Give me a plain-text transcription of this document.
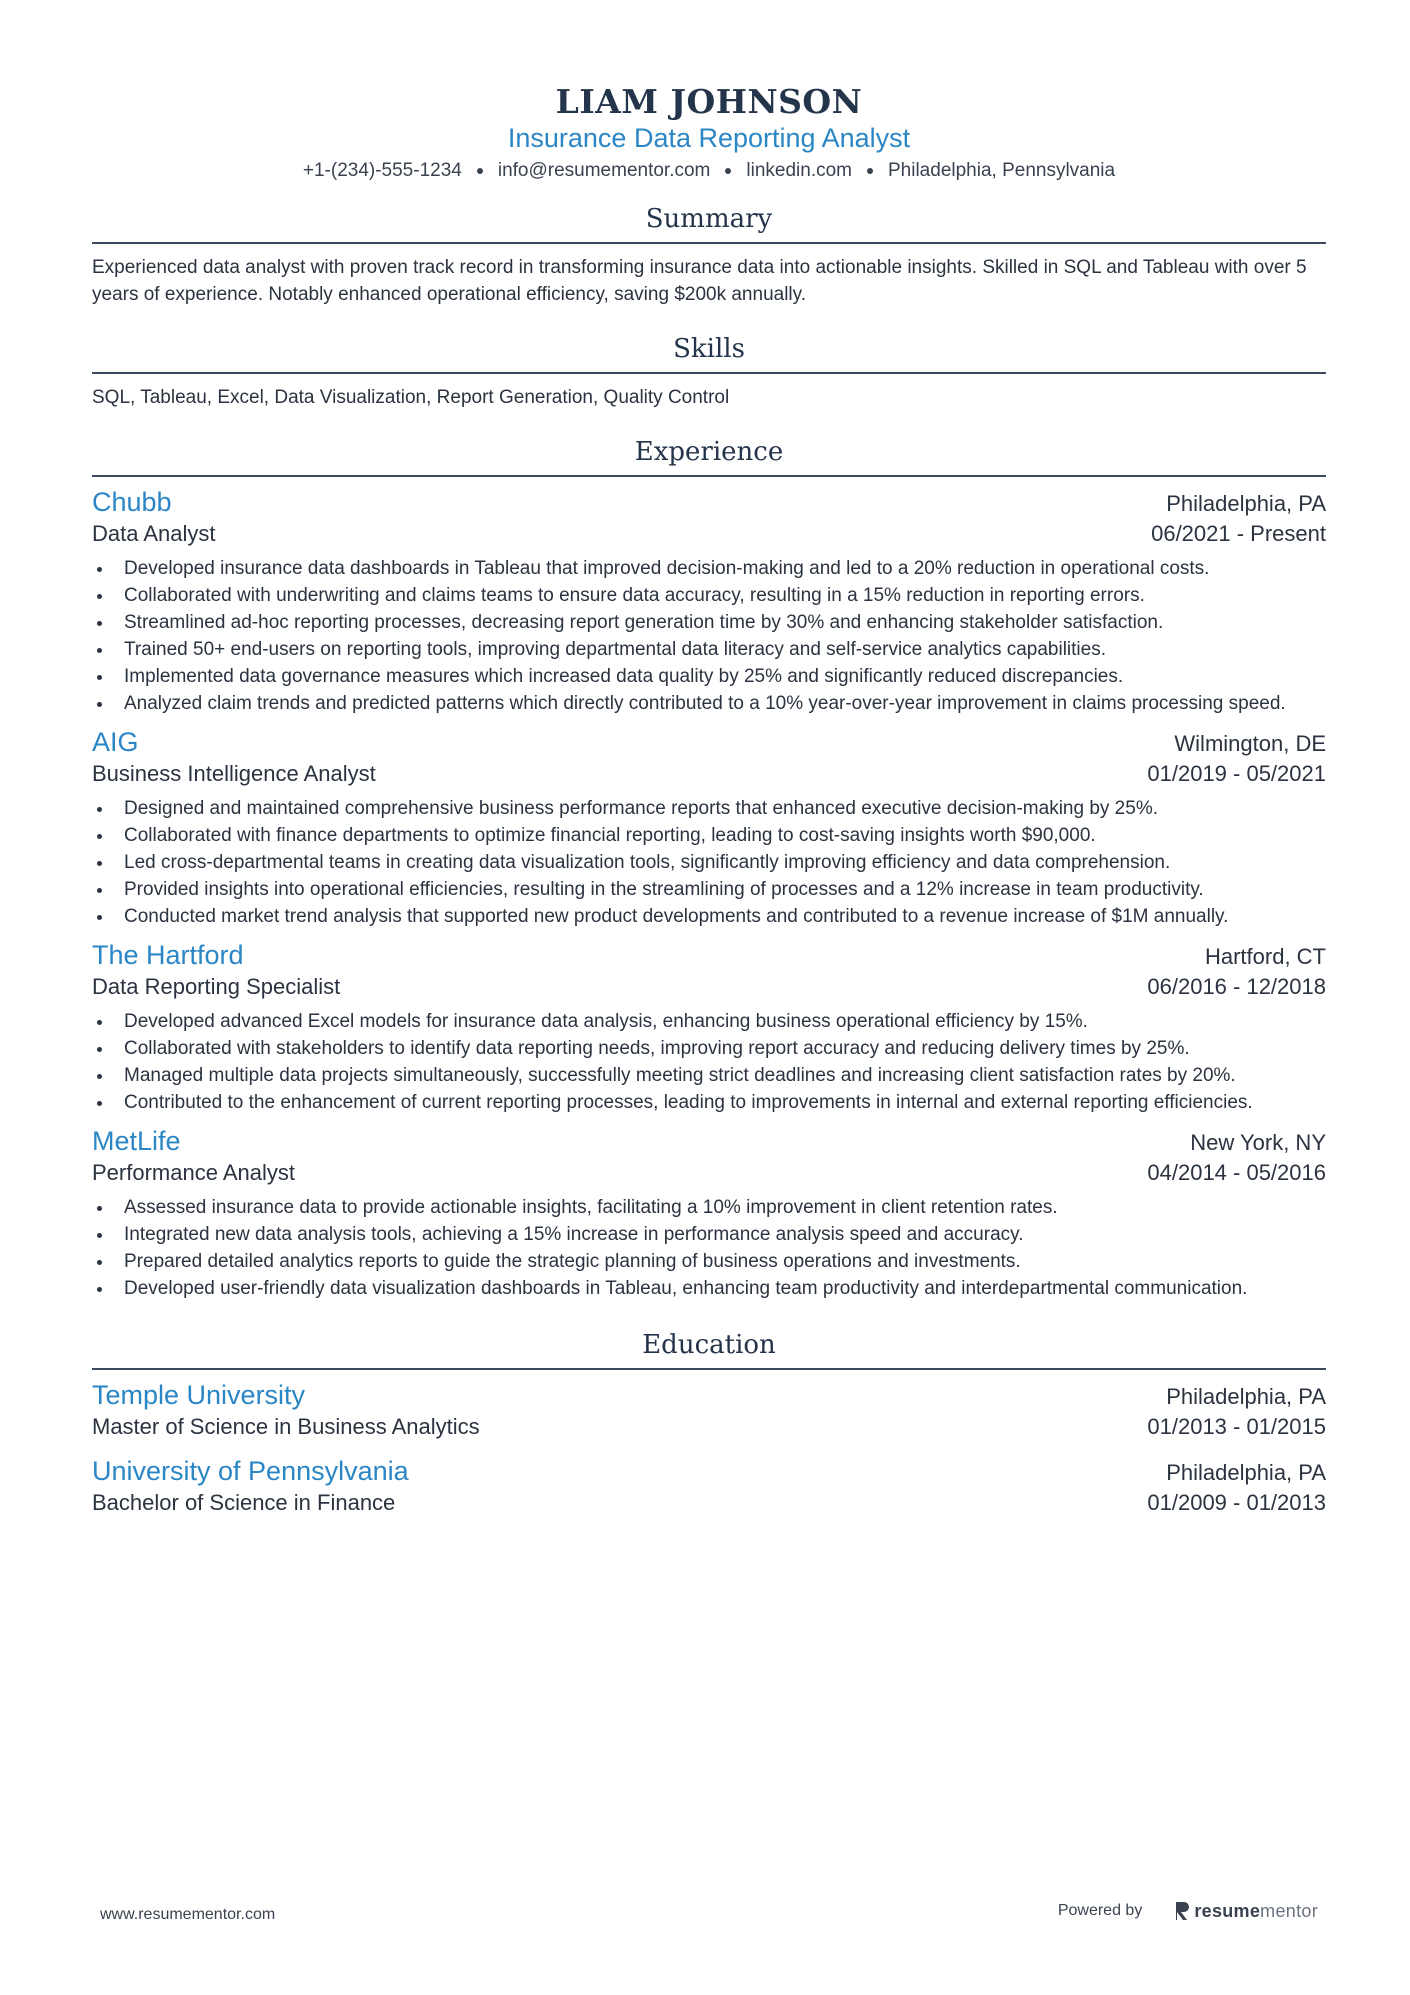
LIAM JOHNSON
Insurance Data Reporting Analyst
+1-(234)-555-1234 info@resumementor.com linkedin.com Philadelphia, Pennsylvania
Summary
Experienced data analyst with proven track record in transforming insurance data into actionable insights. Skilled in SQL and Tableau with over 5 years of experience. Notably enhanced operational efficiency, saving $200k annually.
Skills
SQL, Tableau, Excel, Data Visualization, Report Generation, Quality Control
Experience
Chubb	Philadelphia, PA
Data Analyst	06/2021 - Present
Developed insurance data dashboards in Tableau that improved decision-making and led to a 20% reduction in operational costs.
Collaborated with underwriting and claims teams to ensure data accuracy, resulting in a 15% reduction in reporting errors.
Streamlined ad-hoc reporting processes, decreasing report generation time by 30% and enhancing stakeholder satisfaction.
Trained 50+ end-users on reporting tools, improving departmental data literacy and self-service analytics capabilities.
Implemented data governance measures which increased data quality by 25% and significantly reduced discrepancies.
Analyzed claim trends and predicted patterns which directly contributed to a 10% year-over-year improvement in claims processing speed.
AIG	Wilmington, DE
Business Intelligence Analyst	01/2019 - 05/2021
Designed and maintained comprehensive business performance reports that enhanced executive decision-making by 25%.
Collaborated with finance departments to optimize financial reporting, leading to cost-saving insights worth $90,000.
Led cross-departmental teams in creating data visualization tools, significantly improving efficiency and data comprehension.
Provided insights into operational efficiencies, resulting in the streamlining of processes and a 12% increase in team productivity.
Conducted market trend analysis that supported new product developments and contributed to a revenue increase of $1M annually.
The Hartford	Hartford, CT
Data Reporting Specialist	06/2016 - 12/2018
Developed advanced Excel models for insurance data analysis, enhancing business operational efficiency by 15%.
Collaborated with stakeholders to identify data reporting needs, improving report accuracy and reducing delivery times by 25%.
Managed multiple data projects simultaneously, successfully meeting strict deadlines and increasing client satisfaction rates by 20%.
Contributed to the enhancement of current reporting processes, leading to improvements in internal and external reporting efficiencies.
MetLife	New York, NY
Performance Analyst	04/2014 - 05/2016
Assessed insurance data to provide actionable insights, facilitating a 10% improvement in client retention rates.
Integrated new data analysis tools, achieving a 15% increase in performance analysis speed and accuracy.
Prepared detailed analytics reports to guide the strategic planning of business operations and investments.
Developed user-friendly data visualization dashboards in Tableau, enhancing team productivity and interdepartmental communication.
Education
Temple University	Philadelphia, PA
Master of Science in Business Analytics	01/2013 - 01/2015
University of Pennsylvania	Philadelphia, PA
Bachelor of Science in Finance	01/2009 - 01/2013
www.resumementor.com	Powered by	resumementor
